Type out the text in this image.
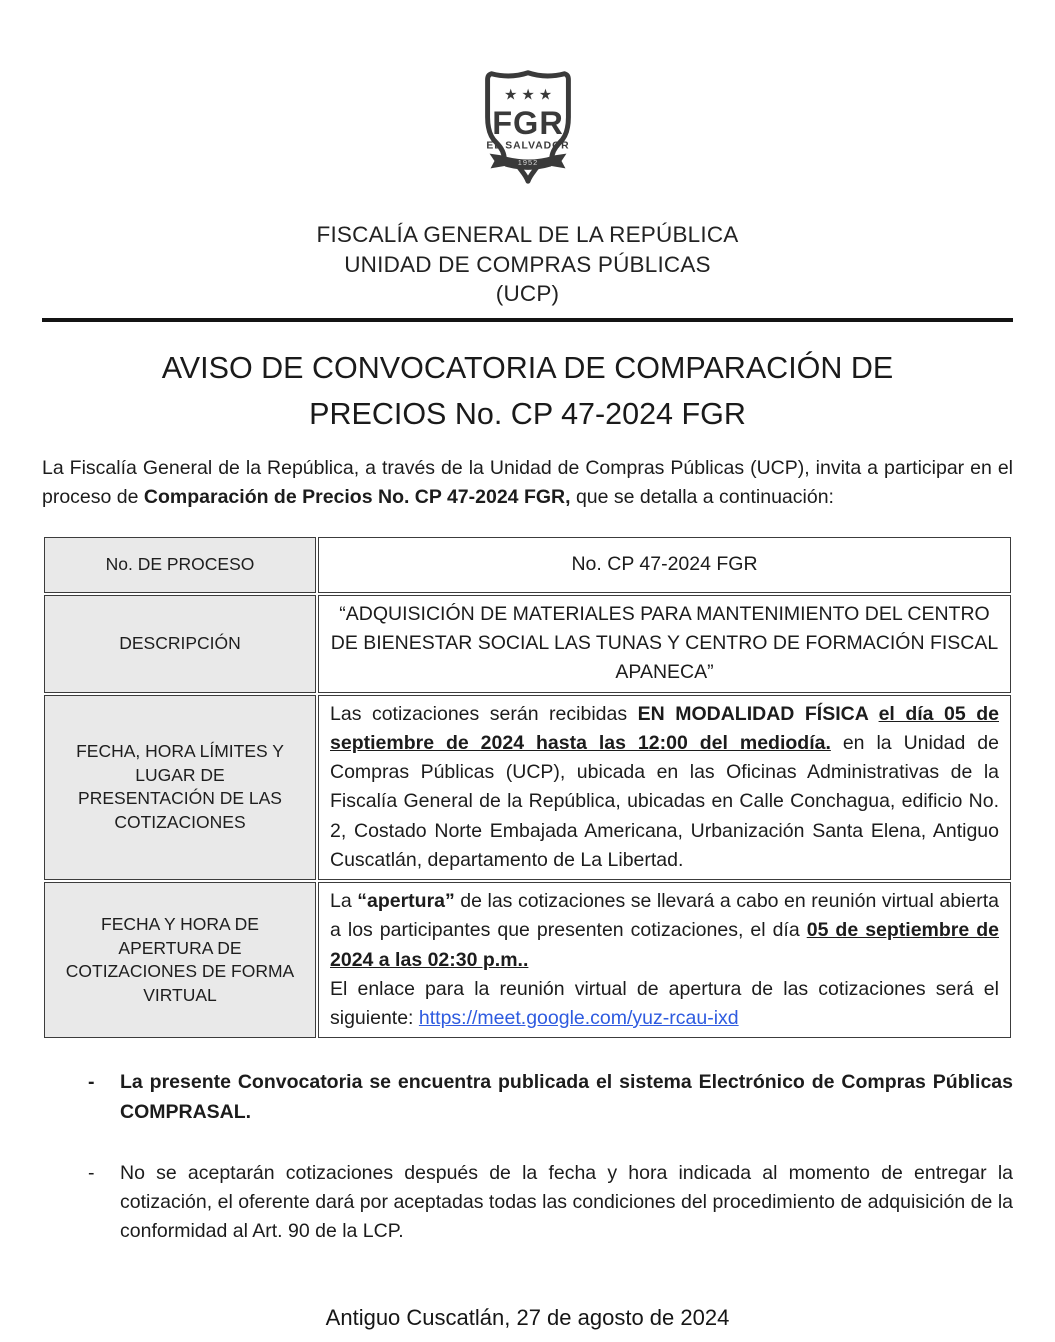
★ ★ ★
FGR
EL SALVADOR
1952
FISCALÍA GENERAL DE LA REPÚBLICA
UNIDAD DE COMPRAS PÚBLICAS
(UCP)
AVISO DE CONVOCATORIA DE COMPARACIÓN DE
PRECIOS No. CP 47-2024 FGR

La Fiscalía General de la República, a través de la Unidad de Compras Públicas (UCP), invita a participar en el proceso de Comparación de Precios No. CP 47-2024 FGR, que se detalla a continuación:

No. DE PROCESO	No. CP 47-2024 FGR
DESCRIPCIÓN	“ADQUISICIÓN DE MATERIALES PARA MANTENIMIENTO DEL CENTRO DE BIENESTAR SOCIAL LAS TUNAS Y CENTRO DE FORMACIÓN FISCAL APANECA”
FECHA, HORA LÍMITES Y LUGAR DE PRESENTACIÓN DE LAS COTIZACIONES	Las cotizaciones serán recibidas EN MODALIDAD FÍSICA el día 05 de septiembre de 2024 hasta las 12:00 del mediodía. en la Unidad de Compras Públicas (UCP), ubicada en las Oficinas Administrativas de la Fiscalía General de la República, ubicadas en Calle Conchagua, edificio No. 2, Costado Norte Embajada Americana, Urbanización Santa Elena, Antiguo Cuscatlán, departamento de La Libertad.
FECHA Y HORA DE APERTURA DE COTIZACIONES DE FORMA VIRTUAL	La “apertura” de las cotizaciones se llevará a cabo en reunión virtual abierta a los participantes que presenten cotizaciones, el día 05 de septiembre de 2024 a las 02:30 p.m..
El enlace para la reunión virtual de apertura de las cotizaciones será el siguiente: https://meet.google.com/yuz-rcau-ixd
-	La presente Convocatoria se encuentra publicada el sistema Electrónico de Compras Públicas COMPRASAL.
-	No se aceptarán cotizaciones después de la fecha y hora indicada al momento de entregar la cotización, el oferente dará por aceptadas todas las condiciones del procedimiento de adquisición de la conformidad al Art. 90 de la LCP.
Antiguo Cuscatlán, 27 de agosto de 2024
